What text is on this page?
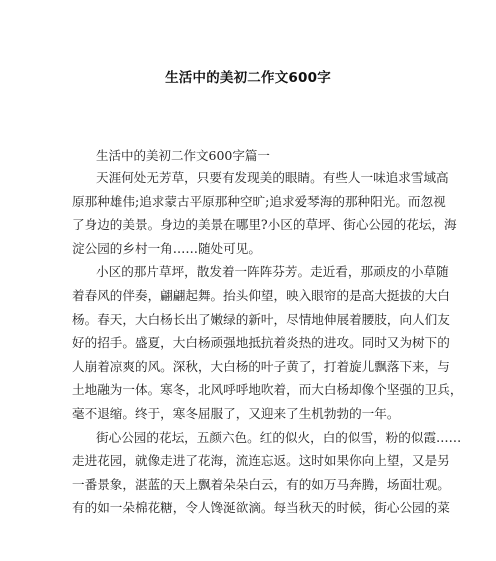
生活中的美初二作文600字
生活中的美初二作文600字篇一
天涯何处无芳草，只要有发现美的眼睛。有些人一味追求雪域高
原那种雄伟;追求蒙古平原那种空旷;追求爱琴海的那种阳光。而忽视
了身边的美景。身边的美景在哪里?小区的草坪、街心公园的花坛，海
淀公园的乡村一角……随处可见。
小区的那片草坪，散发着一阵阵芬芳。走近看，那顽皮的小草随
着春风的伴奏，翩翩起舞。抬头仰望，映入眼帘的是高大挺拔的大白
杨。春天，大白杨长出了嫩绿的新叶，尽情地伸展着腰肢，向人们友
好的招手。盛夏，大白杨顽强地抵抗着炎热的进攻。同时又为树下的
人崩着凉爽的风。深秋，大白杨的叶子黄了，打着旋儿飘落下来，与
土地融为一体。寒冬，北风呼呼地吹着，而大白杨却像个坚强的卫兵，
毫不退缩。终于，寒冬屈服了，又迎来了生机勃勃的一年。
街心公园的花坛，五颜六色。红的似火，白的似雪，粉的似霞……
走进花园，就像走进了花海，流连忘返。这时如果你向上望，又是另
一番景象，湛蓝的天上飘着朵朵白云，有的如万马奔腾，场面壮观。
有的如一朵棉花糖，令人馋涎欲滴。每当秋天的时候，街心公园的菜
